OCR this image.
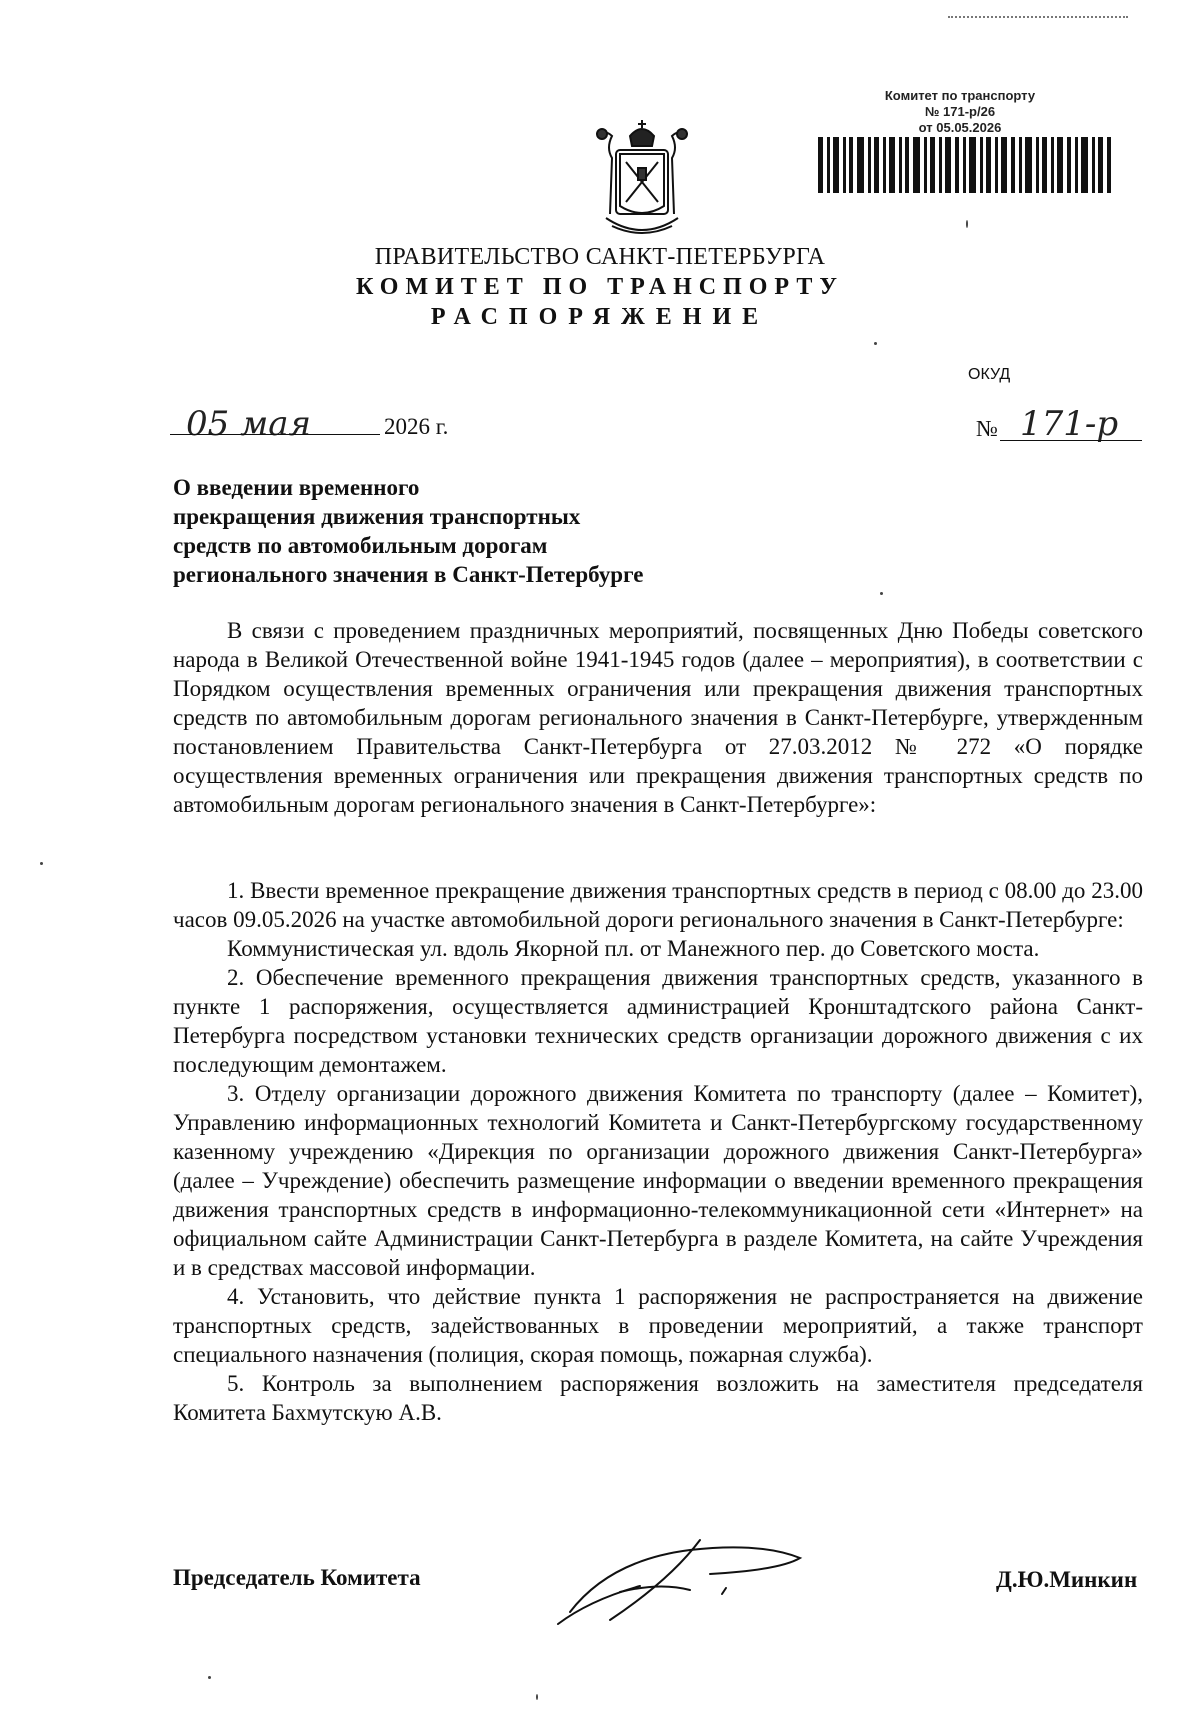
Комитет по транспорту
№ 171-р/26
от 05.05.2026
ПРАВИТЕЛЬСТВО САНКТ-ПЕТЕРБУРГА
КОМИТЕТ ПО ТРАНСПОРТУ
РАСПОРЯЖЕНИЕ
ОКУД
05 мая	2026 г.	№ 171-р
О введении временного
прекращения движения транспортных
средств по автомобильным дорогам
регионального значения в Санкт-Петербурге

В связи с проведением праздничных мероприятий, посвященных Дню Победы советского народа в Великой Отечественной войне 1941-1945 годов (далее – мероприятия), в соответствии с Порядком осуществления временных ограничения или прекращения движения транспортных средств по автомобильным дорогам регионального значения в Санкт-Петербурге, утвержденным постановлением Правительства Санкт-Петербурга от 27.03.2012 № 272 «О порядке осуществления временных ограничения или прекращения движения транспортных средств по автомобильным дорогам регионального значения в Санкт-Петербурге»:

1. Ввести временное прекращение движения транспортных средств в период с 08.00 до 23.00 часов 09.05.2026 на участке автомобильной дороги регионального значения в Санкт-Петербурге:

Коммунистическая ул. вдоль Якорной пл. от Манежного пер. до Советского моста.

2. Обеспечение временного прекращения движения транспортных средств, указанного в пункте 1 распоряжения, осуществляется администрацией Кронштадтского района Санкт-Петербурга посредством установки технических средств организации дорожного движения с их последующим демонтажем.

3. Отделу организации дорожного движения Комитета по транспорту (далее – Комитет), Управлению информационных технологий Комитета и Санкт-Петербургскому государственному казенному учреждению «Дирекция по организации дорожного движения Санкт-Петербурга» (далее – Учреждение) обеспечить размещение информации о введении временного прекращения движения транспортных средств в информационно-телекоммуникационной сети «Интернет» на официальном сайте Администрации Санкт-Петербурга в разделе Комитета, на сайте Учреждения и в средствах массовой информации.

4. Установить, что действие пункта 1 распоряжения не распространяется на движение транспортных средств, задействованных в проведении мероприятий, а также транспорт специального назначения (полиция, скорая помощь, пожарная служба).

5. Контроль за выполнением распоряжения возложить на заместителя председателя Комитета Бахмутскую А.В.

Председатель Комитета	Д.Ю.Минкин
